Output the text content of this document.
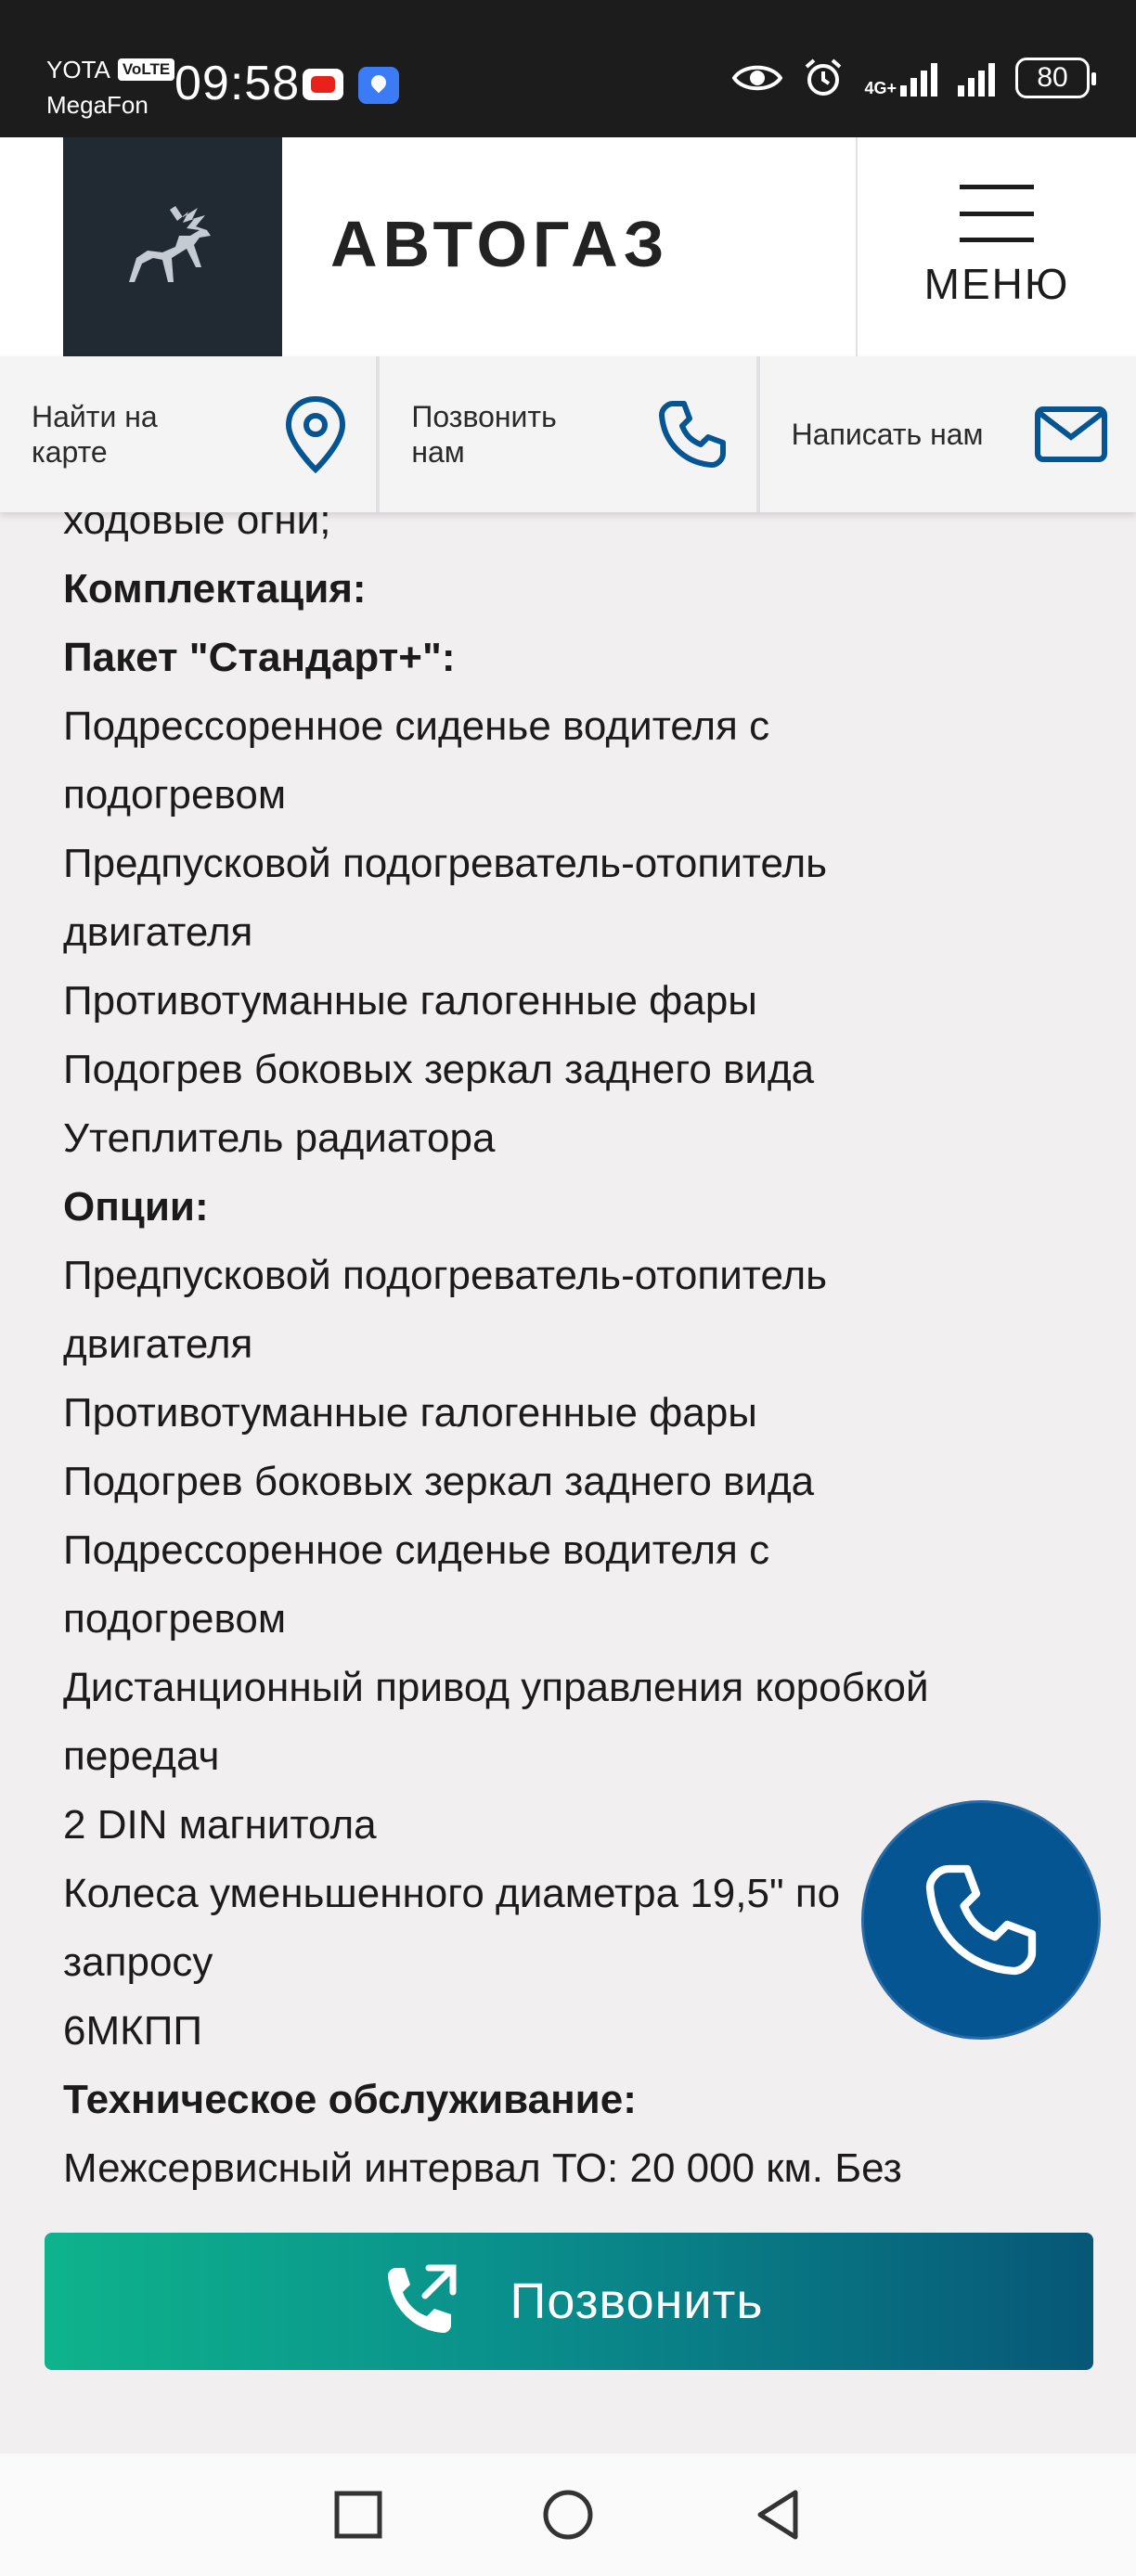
YOTA VoLTE
MegaFon 09:58	4G+	80
АВТОГАЗ
МЕНЮ
Найти на карте
Позвонить нам
Написать нам
ходовые огни;
Комплектация:
Пакет "Стандарт+":
Подрессоренное сиденье водителя с
подогревом
Предпусковой подогреватель-отопитель
двигателя
Противотуманные галогенные фары
Подогрев боковых зеркал заднего вида
Утеплитель радиатора
Опции:
Предпусковой подогреватель-отопитель
двигателя
Противотуманные галогенные фары
Подогрев боковых зеркал заднего вида
Подрессоренное сиденье водителя с
подогревом
Дистанционный привод управления коробкой
передач
2 DIN магнитола
Колеса уменьшенного диаметра 19,5" по
запросу
6МКПП
Техническое обслуживание:
Межсервисный интервал ТО: 20 000 км. Без

Позвонить
